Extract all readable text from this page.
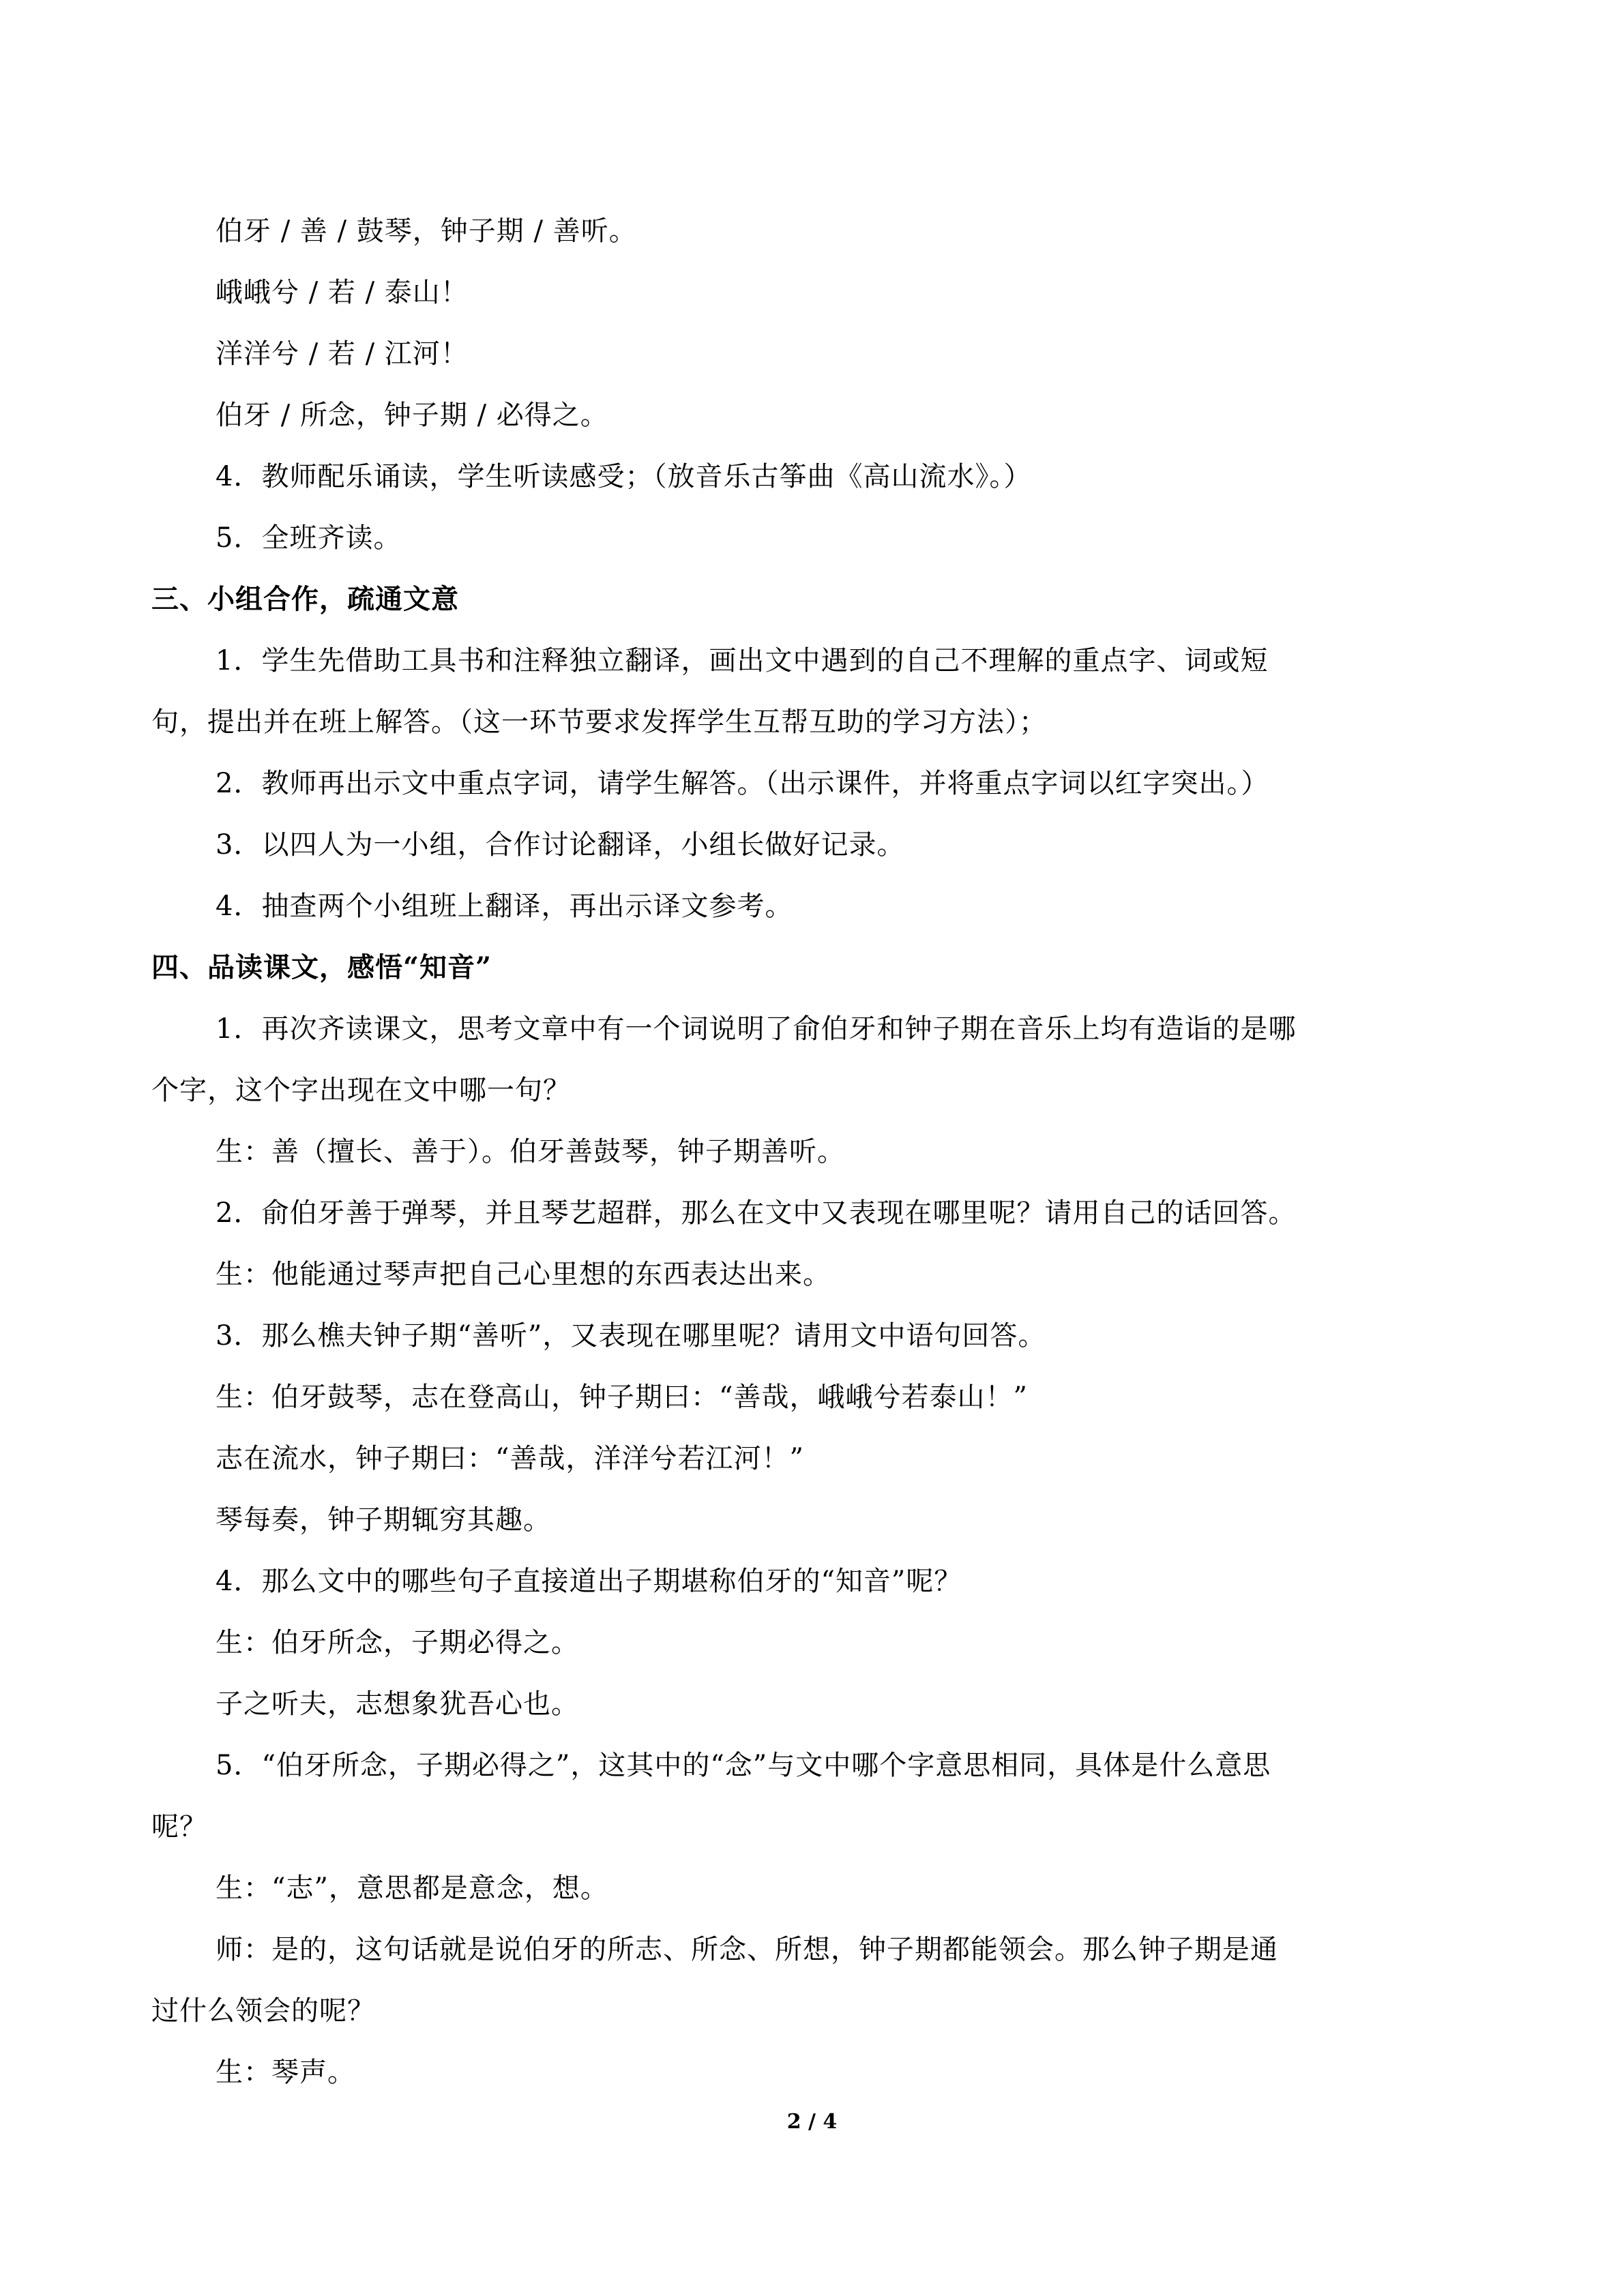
伯牙 / 善 / 鼓琴，钟子期 / 善听。
峨峨兮 / 若 / 泰山！
洋洋兮 / 若 / 江河！
伯牙 / 所念，钟子期 / 必得之。
4．教师配乐诵读，学生听读感受；（放音乐古筝曲《高山流水》。）
5．全班齐读。
三、小组合作，疏通文意
1．学生先借助工具书和注释独立翻译，画出文中遇到的自己不理解的重点字、词或短
句，提出并在班上解答。（这一环节要求发挥学生互帮互助的学习方法）；
2．教师再出示文中重点字词，请学生解答。（出示课件，并将重点字词以红字突出。）
3．以四人为一小组，合作讨论翻译，小组长做好记录。
4．抽查两个小组班上翻译，再出示译文参考。
四、品读课文，感悟“知音”
1．再次齐读课文，思考文章中有一个词说明了俞伯牙和钟子期在音乐上均有造诣的是哪
个字，这个字出现在文中哪一句？
生：善（擅长、善于）。伯牙善鼓琴，钟子期善听。
2．俞伯牙善于弹琴，并且琴艺超群，那么在文中又表现在哪里呢？请用自己的话回答。
生：他能通过琴声把自己心里想的东西表达出来。
3．那么樵夫钟子期“善听”，又表现在哪里呢？请用文中语句回答。
生：伯牙鼓琴，志在登高山，钟子期曰：“善哉，峨峨兮若泰山！”
志在流水，钟子期曰：“善哉，洋洋兮若江河！”
琴每奏，钟子期辄穷其趣。
4．那么文中的哪些句子直接道出子期堪称伯牙的“知音”呢？
生：伯牙所念，子期必得之。
子之听夫，志想象犹吾心也。
5．“伯牙所念，子期必得之”，这其中的“念”与文中哪个字意思相同，具体是什么意思
呢？
生：“志”，意思都是意念，想。
师：是的，这句话就是说伯牙的所志、所念、所想，钟子期都能领会。那么钟子期是通
过什么领会的呢？
生：琴声。
2 / 4
